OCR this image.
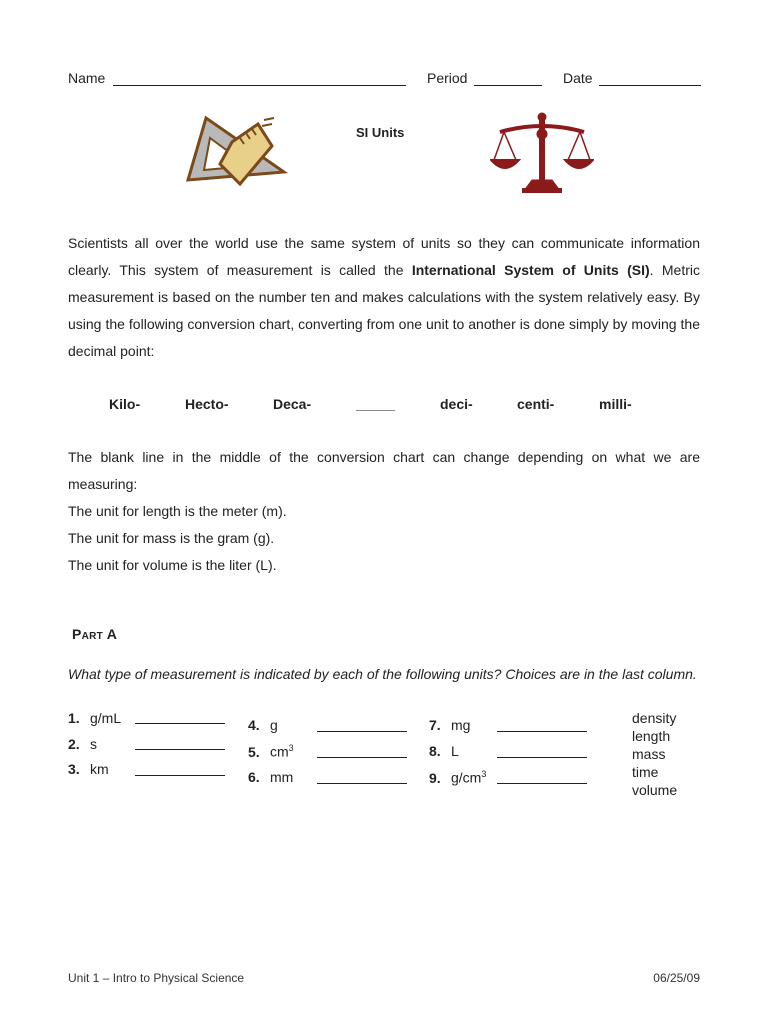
Name	Period	Date
SI Units
Scientists all over the world use the same system of units so they can communicate information clearly. This system of measurement is called the International System of Units (SI). Metric measurement is based on the number ten and makes calculations with the system relatively easy. By using the following conversion chart, converting from one unit to another is done simply by moving the decimal point:
Kilo-	Hecto-	Deca-	_____	deci-	centi-	milli-
The blank line in the middle of the conversion chart can change depending on what we are measuring:
The unit for length is the meter (m).
The unit for mass is the gram (g).
The unit for volume is the liter (L).
Part A
What type of measurement is indicated by each of the following units? Choices are in the last column.
1. g/mL
2. s
3. km
4. g
5. $cm^3$
6. mm
7. mg
8. L
9. $g/cm^3$
density
length
mass
time
volume
Unit 1 – Intro to Physical Science	06/25/09
